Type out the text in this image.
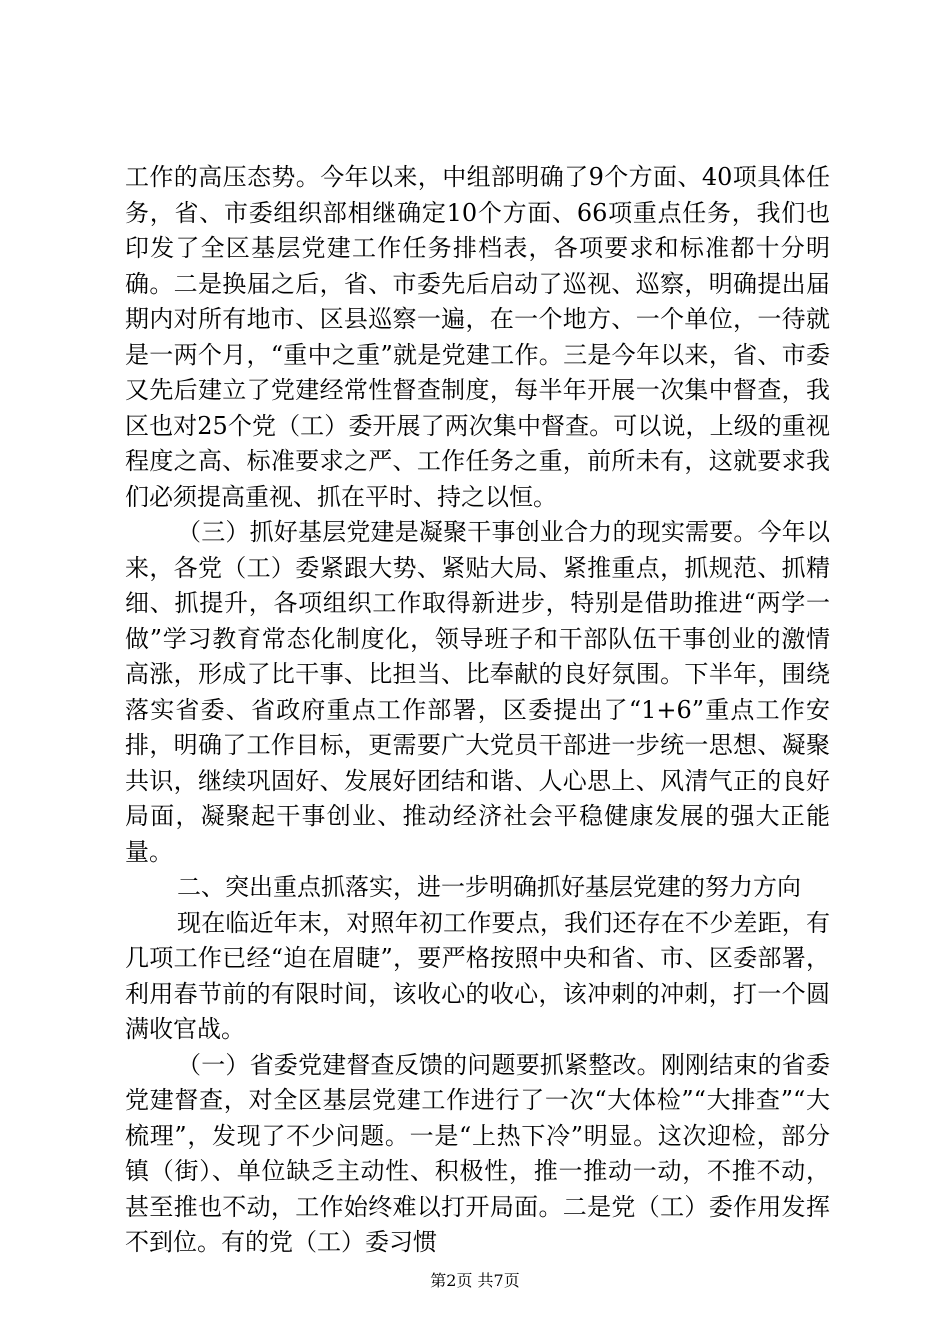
工作的高压态势。今年以来，中组部明确了9个方面、40项具体任务，省、市委组织部相继确定10个方面、66项重点任务，我们也印发了全区基层党建工作任务排档表，各项要求和标准都十分明确。二是换届之后，省、市委先后启动了巡视、巡察，明确提出届期内对所有地市、区县巡察一遍，在一个地方、一个单位，一待就是一两个月，“重中之重”就是党建工作。三是今年以来，省、市委又先后建立了党建经常性督查制度，每半年开展一次集中督查，我区也对25个党（工）委开展了两次集中督查。可以说，上级的重视程度之高、标准要求之严、工作任务之重，前所未有，这就要求我们必须提高重视、抓在平时、持之以恒。

（三）抓好基层党建是凝聚干事创业合力的现实需要。今年以来，各党（工）委紧跟大势、紧贴大局、紧推重点，抓规范、抓精细、抓提升，各项组织工作取得新进步，特别是借助推进“两学一做”学习教育常态化制度化，领导班子和干部队伍干事创业的激情高涨，形成了比干事、比担当、比奉献的良好氛围。下半年，围绕落实省委、省政府重点工作部署，区委提出了“1+6”重点工作安排，明确了工作目标，更需要广大党员干部进一步统一思想、凝聚共识，继续巩固好、发展好团结和谐、人心思上、风清气正的良好局面，凝聚起干事创业、推动经济社会平稳健康发展的强大正能量。

二、突出重点抓落实，进一步明确抓好基层党建的努力方向

现在临近年末，对照年初工作要点，我们还存在不少差距，有几项工作已经“迫在眉睫”，要严格按照中央和省、市、区委部署，利用春节前的有限时间，该收心的收心，该冲刺的冲刺，打一个圆满收官战。

（一）省委党建督查反馈的问题要抓紧整改。刚刚结束的省委党建督查，对全区基层党建工作进行了一次“大体检”“大排查”“大梳理”，发现了不少问题。一是“上热下冷”明显。这次迎检，部分镇（街）、单位缺乏主动性、积极性，推一推动一动，不推不动，甚至推也不动，工作始终难以打开局面。二是党（工）委作用发挥不到位。有的党（工）委习惯

第2页 共7页
